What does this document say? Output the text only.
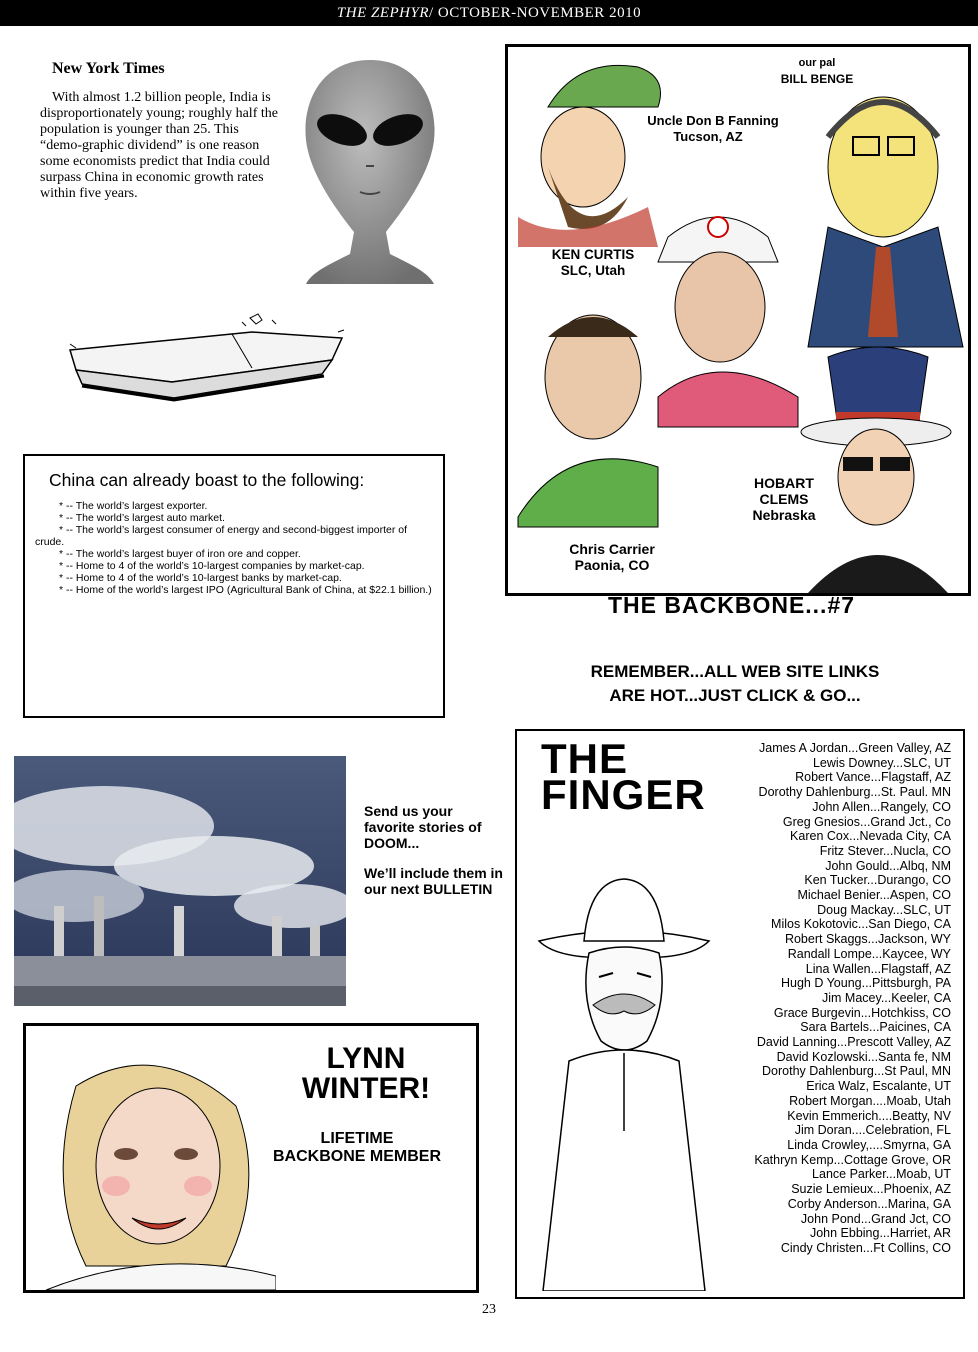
THE ZEPHYR/ OCTOBER-NOVEMBER 2010
New York Times
With almost 1.2 billion people, India is disproportionately young; roughly half the population is younger than 25. This “demo-graphic dividend” is one reason some economists predict that India could surpass China in economic growth rates within five years.
China can already boast to the following:
* -- The world’s largest exporter.
* -- The world’s largest auto market.
* -- The world’s largest consumer of energy and second-biggest importer of crude.
* -- The world’s largest buyer of iron ore and copper.
* -- Home to 4 of the world’s 10-largest companies by market-cap.
* -- Home to 4 of the world’s 10-largest banks by market-cap.
* -- Home of the world’s largest IPO (Agricultural Bank of China, at $22.1 billion.)
our pal
BILL BENGE
Uncle Don B Fanning
Tucson, AZ
KEN CURTIS
SLC, Utah
HOBART
CLEMS
Nebraska
Chris Carrier
Paonia, CO
THE BACKBONE...#7
REMEMBER...ALL WEB SITE LINKS
ARE HOT...JUST CLICK & GO...
Send us your favorite stories of DOOM...
We’ll include them in our next BULLETIN
LYNN
WINTER!
LIFETIME
BACKBONE MEMBER
THE
FINGER
James A Jordan...Green Valley, AZ
Lewis Downey...SLC, UT
Robert Vance...Flagstaff, AZ
Dorothy Dahlenburg...St. Paul. MN
John Allen...Rangely, CO
Greg Gnesios...Grand Jct., Co
Karen Cox...Nevada City, CA
Fritz Stever...Nucla, CO
John Gould...Albq, NM
Ken Tucker...Durango, CO
Michael Benier...Aspen, CO
Doug Mackay...SLC, UT
Milos Kokotovic...San Diego, CA
Robert Skaggs...Jackson, WY
Randall Lompe...Kaycee, WY
Lina Wallen...Flagstaff, AZ
Hugh D Young...Pittsburgh, PA
Jim Macey...Keeler, CA
Grace Burgevin...Hotchkiss, CO
Sara Bartels...Paicines, CA
David Lanning...Prescott Valley, AZ
David Kozlowski...Santa fe, NM
Dorothy Dahlenburg...St Paul, MN
Erica Walz, Escalante, UT
Robert Morgan....Moab, Utah
Kevin Emmerich....Beatty, NV
Jim Doran....Celebration, FL
Linda Crowley,....Smyrna, GA
Kathryn Kemp...Cottage Grove, OR
Lance Parker...Moab, UT
Suzie Lemieux...Phoenix, AZ
Corby Anderson...Marina, GA
John Pond...Grand Jct, CO
John Ebbing...Harriet, AR
Cindy Christen...Ft Collins, CO
23
